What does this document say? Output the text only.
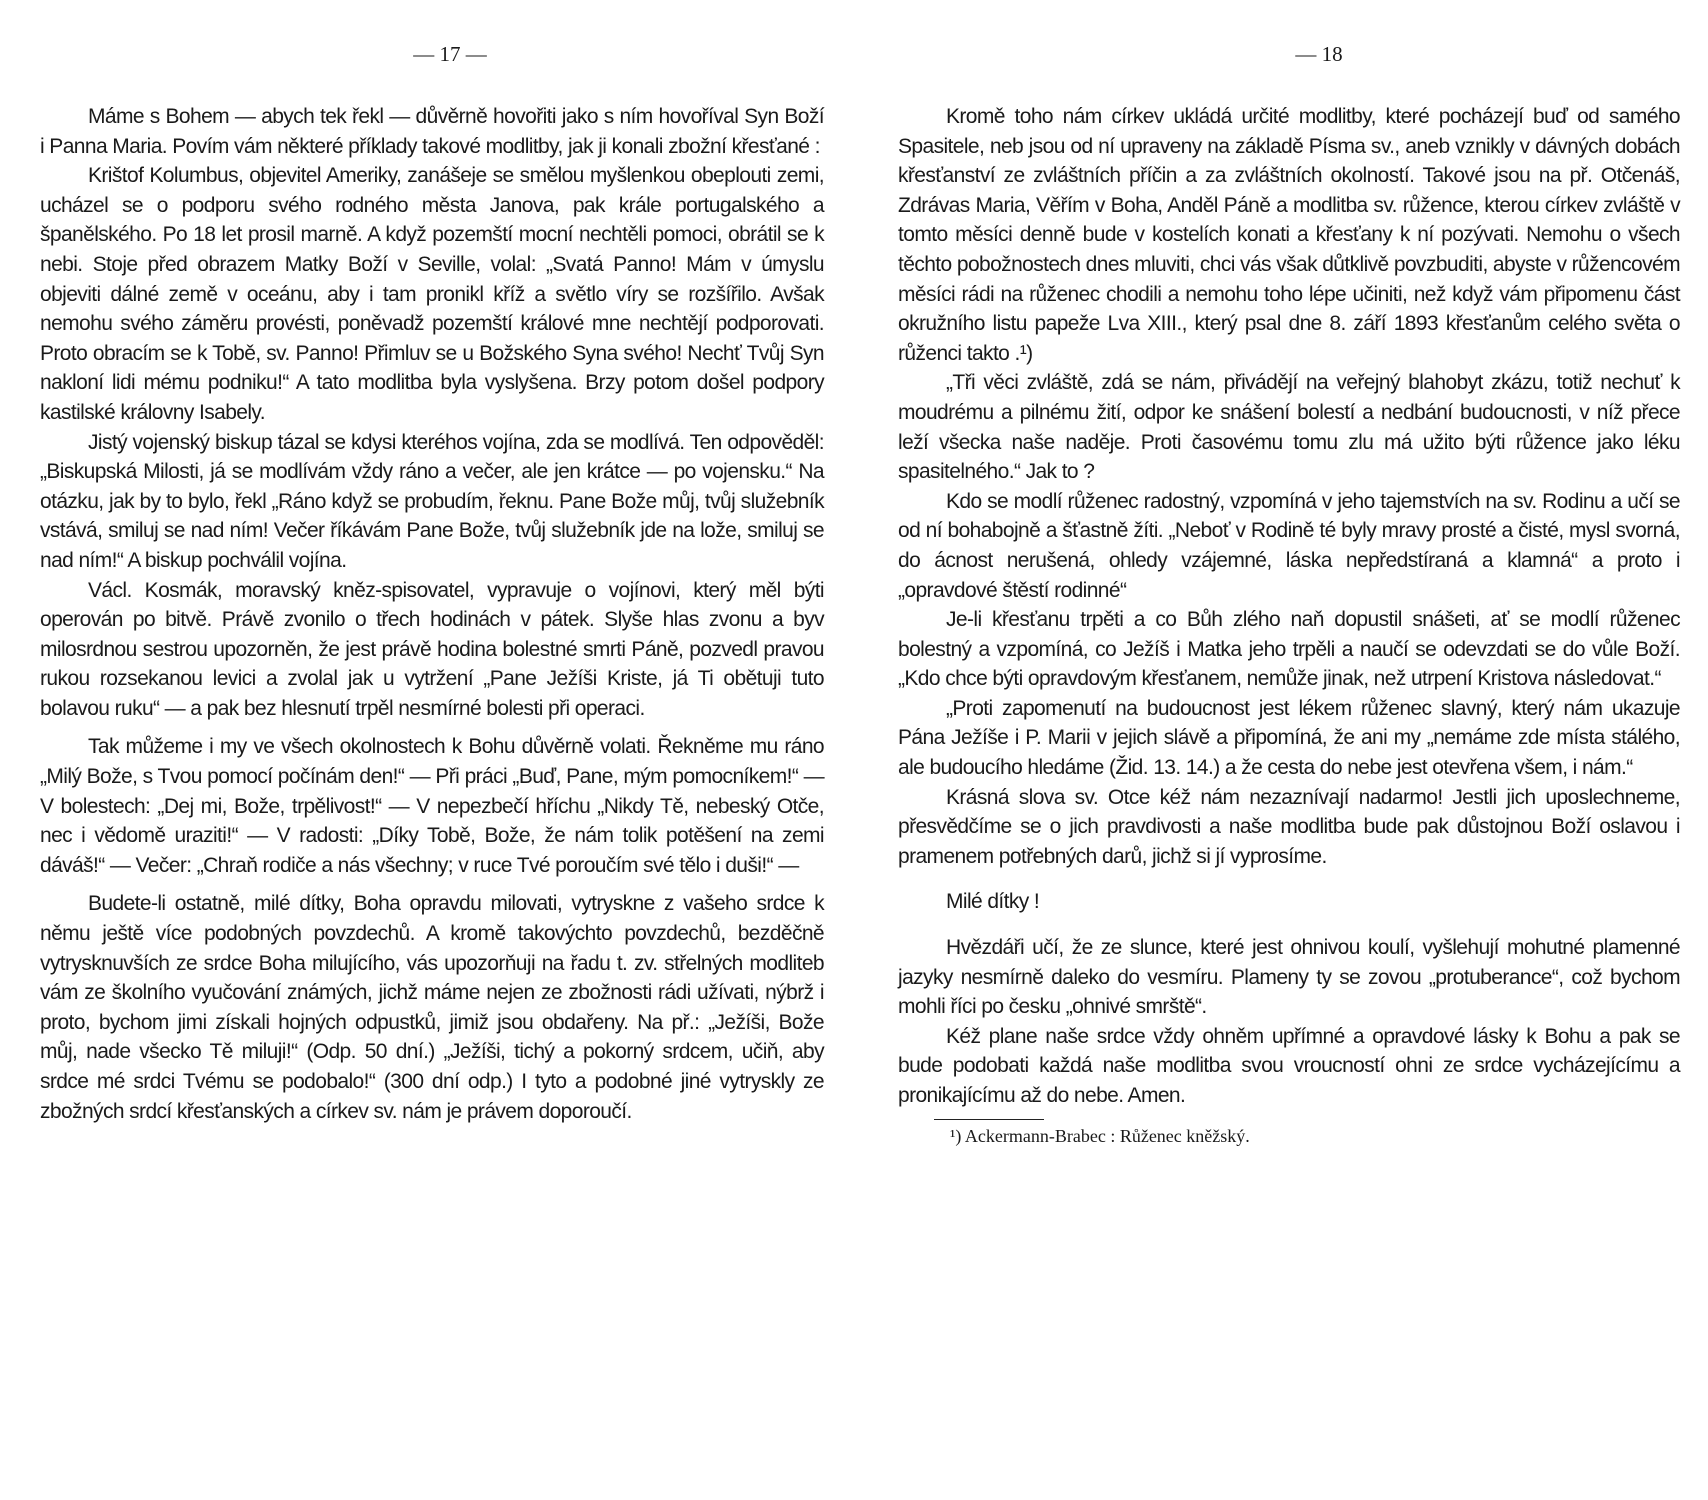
— 17 —

Máme s Bohem — abych tek řekl — důvěrně hovořiti jako s ním hovoříval Syn Boží i Panna Maria. Povím vám některé příklady takové modlitby, jak ji konali zbožní křesťané :

Krištof Kolumbus, objevitel Ameriky, zanášeje se smělou myšlenkou obeplouti zemi, ucházel se o podporu svého rodného města Janova, pak krále portugalského a španělského. Po 18 let prosil marně. A když pozemští mocní nechtěli pomoci, obrátil se k nebi. Stoje před obrazem Matky Boží v Seville, volal: „Svatá Panno! Mám v úmyslu objeviti dálné země v oceánu, aby i tam pronikl kříž a světlo víry se rozšířilo. Avšak nemohu svého záměru provésti, poněvadž pozemští králové mne nechtějí podporovati. Proto obracím se k Tobě, sv. Panno! Přimluv se u Božského Syna svého! Nechť Tvůj Syn nakloní lidi mému podniku!“ A tato modlitba byla vyslyšena. Brzy potom došel podpory kastilské královny Isabely.

Jistý vojenský biskup tázal se kdysi kteréhos vojína, zda se modlívá. Ten odpověděl: „Biskupská Milosti, já se modlívám vždy ráno a večer, ale jen krátce — po vojensku.“ Na otázku, jak by to bylo, řekl „Ráno když se probudím, řeknu. Pane Bože můj, tvůj služebník vstává, smiluj se nad ním! Večer říkávám Pane Bože, tvůj služebník jde na lože, smiluj se nad ním!“ A biskup pochválil vojína.

Václ. Kosmák, moravský kněz-spisovatel, vypravuje o vojínovi, který měl býti operován po bitvě. Právě zvonilo o třech hodinách v pátek. Slyše hlas zvonu a byv milosrdnou sestrou upozorněn, že jest právě hodina bolestné smrti Páně, pozvedl pravou rukou rozsekanou levici a zvolal jak u vytržení „Pane Ježíši Kriste, já Ti obětuji tuto bolavou ruku“ — a pak bez hlesnutí trpěl nesmírné bolesti při operaci.

Tak můžeme i my ve všech okolnostech k Bohu důvěrně volati. Řekněme mu ráno „Milý Bože, s Tvou pomocí počínám den!“ — Při práci „Buď, Pane, mým pomocníkem!“ — V bolestech: „Dej mi, Bože, trpělivost!“ — V nepezbečí hříchu „Nikdy Tě, nebeský Otče, nec i vědomě uraziti!“ — V radosti: „Díky Tobě, Bože, že nám tolik potěšení na zemi dáváš!“ — Večer: „Chraň rodiče a nás všechny; v ruce Tvé poroučím své tělo i duši!“ —

Budete-li ostatně, milé dítky, Boha opravdu milovati, vytryskne z vašeho srdce k němu ještě více podobných povzdechů. A kromě takovýchto povzdechů, bezděčně vytrysknuvších ze srdce Boha milujícího, vás upozorňuji na řadu t. zv. střelných modliteb vám ze školního vyučování známých, jichž máme nejen ze zbožnosti rádi užívati, nýbrž i proto, bychom jimi získali hojných odpustků, jimiž jsou obdařeny. Na př.: „Ježíši, Bože můj, nade všecko Tě miluji!“ (Odp. 50 dní.) „Ježíši, tichý a pokorný srdcem, učiň, aby srdce mé srdci Tvému se podobalo!“ (300 dní odp.) I tyto a podobné jiné vytryskly ze zbožných srdcí křesťanských a církev sv. nám je právem doporoučí.

— 18

Kromě toho nám církev ukládá určité modlitby, které pocházejí buď od samého Spasitele, neb jsou od ní upraveny na základě Písma sv., aneb vznikly v dávných dobách křesťanství ze zvláštních příčin a za zvláštních okolností. Takové jsou na př. Otčenáš, Zdrávas Maria, Věřím v Boha, Anděl Páně a modlitba sv. růžence, kterou církev zvláště v tomto měsíci denně bude v kostelích konati a křesťany k ní pozývati. Nemohu o všech těchto pobožnostech dnes mluviti, chci vás však důtklivě povzbuditi, abyste v růžencovém měsíci rádi na růženec chodili a nemohu toho lépe učiniti, než když vám připomenu část okružního listu papeže Lva XIII., který psal dne 8. září 1893 křesťanům celého světa o růženci takto .¹)

„Tři věci zvláště, zdá se nám, přivádějí na veřejný blahobyt zkázu, totiž nechuť k moudrému a pilnému žití, odpor ke snášení bolestí a nedbání budoucnosti, v níž přece leží všecka naše naděje. Proti časovému tomu zlu má užito býti růžence jako léku spasitelného.“ Jak to ?

Kdo se modlí růženec radostný, vzpomíná v jeho tajemstvích na sv. Rodinu a učí se od ní bohabojně a šťastně žíti. „Neboť v Rodině té byly mravy prosté a čisté, mysl svorná, do ácnost nerušená, ohledy vzájemné, láska nepředstíraná a klamná“ a proto i „opravdové štěstí rodinné“

Je-li křesťanu trpěti a co Bůh zlého naň dopustil snášeti, ať se modlí růženec bolestný a vzpomíná, co Ježíš i Matka jeho trpěli a naučí se odevzdati se do vůle Boží. „Kdo chce býti opravdovým křesťanem, nemůže jinak, než utrpení Kristova následovat.“

„Proti zapomenutí na budoucnost jest lékem růženec slavný, který nám ukazuje Pána Ježíše i P. Marii v jejich slávě a připomíná, že ani my „nemáme zde místa stálého, ale budoucího hledáme (Žid. 13. 14.) a že cesta do nebe jest otevřena všem, i nám.“

Krásná slova sv. Otce kéž nám nezaznívají nadarmo! Jestli jich uposlechneme, přesvědčíme se o jich pravdivosti a naše modlitba bude pak důstojnou Boží oslavou i pramenem potřebných darů, jichž si jí vyprosíme.

Milé dítky !

Hvězdáři učí, že ze slunce, které jest ohnivou koulí, vyšlehují mohutné plamenné jazyky nesmírně daleko do vesmíru. Plameny ty se zovou „protuberance“, což bychom mohli říci po česku „ohnivé smrště“.

Kéž plane naše srdce vždy ohněm upřímné a opravdové lásky k Bohu a pak se bude podobati každá naše modlitba svou vroucností ohni ze srdce vycházejícímu a pronikajícímu až do nebe. Amen.

¹) Ackermann-Brabec : Růženec kněžský.
